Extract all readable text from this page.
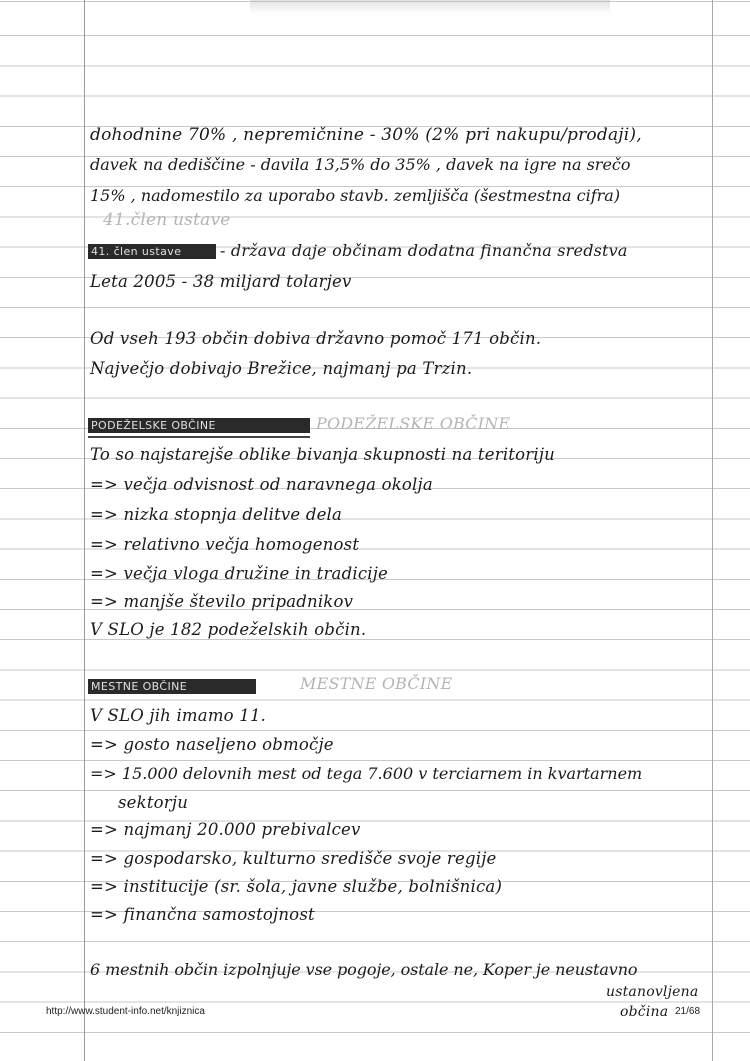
dohodnine 70% , nepremičnine - 30% (2% pri nakupu/prodaji),
davek na dediščine - davila 13,5% do 35% , davek na igre na srečo
15% , nadomestilo za uporabo stavb. zemljišča (šestmestna cifra)
41.člen ustave
41. člen ustave	- država daje občinam dodatna finančna sredstva
Leta 2005 - 38 miljard tolarjev
Od vseh 193 občin dobiva državno pomoč 171 občin.
Največjo dobivajo Brežice, najmanj pa Trzin.
PODEŽELSKE OBČINE	PODEŽELSKE OBČINE
To so najstarejše oblike bivanja skupnosti na teritoriju
=> večja odvisnost od naravnega okolja
=> nizka stopnja delitve dela
=> relativno večja homogenost
=> večja vloga družine in tradicije
=> manjše število pripadnikov
V SLO je 182 podeželskih občin.
MESTNE OBČINE	MESTNE OBČINE
V SLO jih imamo 11.
=> gosto naseljeno območje
=> 15.000 delovnih mest od tega 7.600 v terciarnem in kvartarnem
sektorju
=> najmanj 20.000 prebivalcev
=> gospodarsko, kulturno središče svoje regije
=> institucije (sr. šola, javne službe, bolnišnica)
=> finančna samostojnost
6 mestnih občin izpolnjuje vse pogoje, ostale ne, Koper je neustavno
ustanovljena
občina
http://www.student-info.net/knjiznica	21/68
